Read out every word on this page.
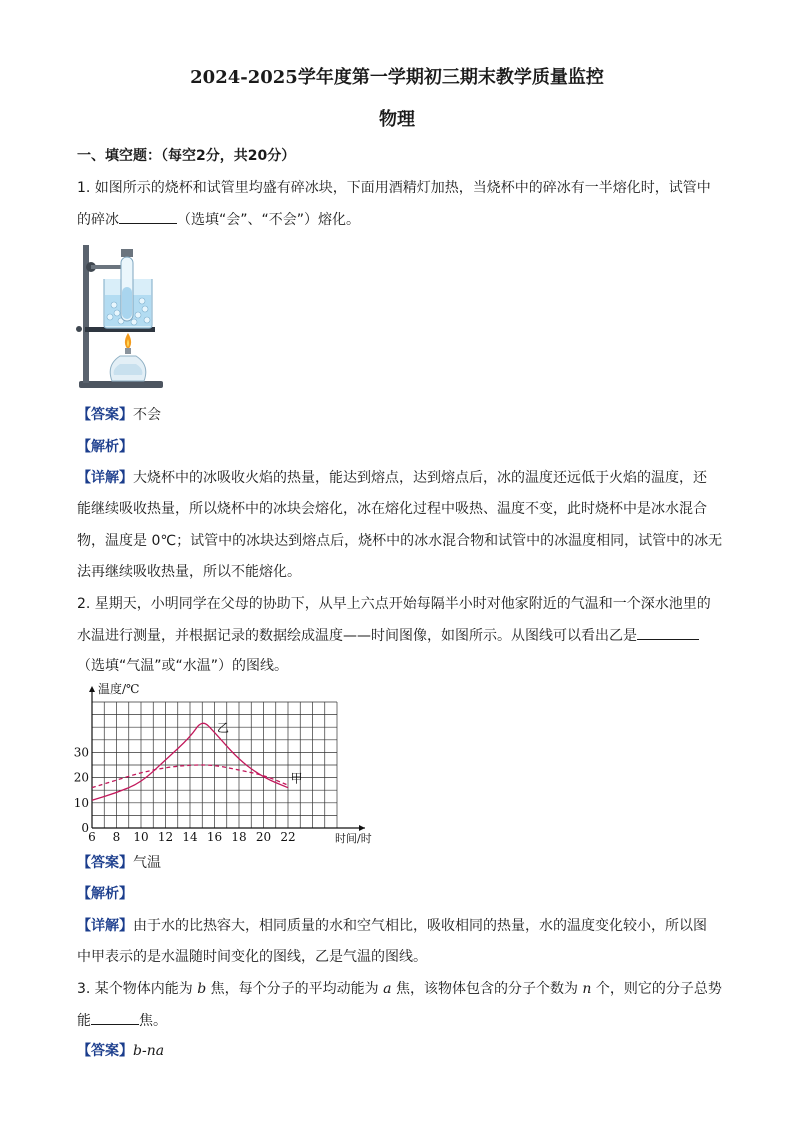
2024-2025学年度第一学期初三期末教学质量监控
物理
一、填空题：（每空2分，共20分）
1. 如图所示的烧杯和试管里均盛有碎冰块，下面用酒精灯加热，当烧杯中的碎冰有一半熔化时，试管中
的碎冰	（选填“会”、“不会”）熔化。
【答案】不会
【解析】
【详解】大烧杯中的冰吸收火焰的热量，能达到熔点，达到熔点后，冰的温度还远低于火焰的温度，还
能继续吸收热量，所以烧杯中的冰块会熔化，冰在熔化过程中吸热、温度不变，此时烧杯中是冰水混合
物，温度是 0℃；试管中的冰块达到熔点后，烧杯中的冰水混合物和试管中的冰温度相同，试管中的冰无
法再继续吸收热量，所以不能熔化。
2. 星期天，小明同学在父母的协助下，从早上六点开始每隔半小时对他家附近的气温和一个深水池里的
水温进行测量，并根据记录的数据绘成温度——时间图像，如图所示。从图线可以看出乙是
（选填“气温”或“水温”）的图线。
温度/℃
时间/时
6 8 10 12 14 16 18 20 22
0
10
20
30
乙
甲
【答案】气温
【解析】
【详解】由于水的比热容大，相同质量的水和空气相比，吸收相同的热量，水的温度变化较小，所以图
中甲表示的是水温随时间变化的图线，乙是气温的图线。
3. 某个物体内能为 b 焦，每个分子的平均动能为 a 焦，该物体包含的分子个数为 n 个，则它的分子总势
能	焦。
【答案】b-na
